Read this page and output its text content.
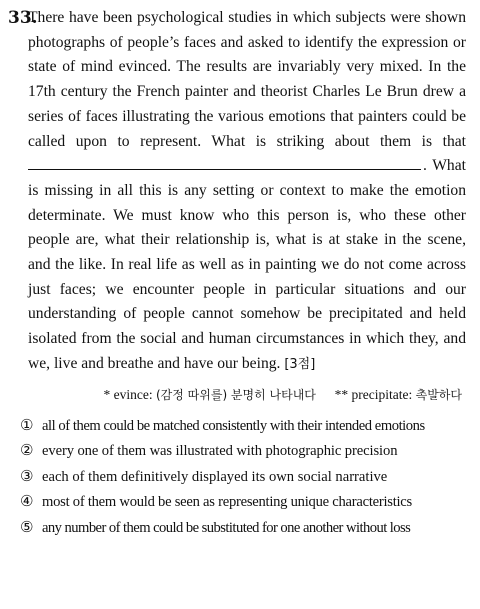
33.
There have been psychological studies in which subjects were shown photographs of people’s faces and asked to identify the expression or state of mind evinced. The results are invariably very mixed. In the 17th century the French painter and theorist Charles Le Brun drew a series of faces illustrating the various emotions that painters could be called upon to represent. What is striking about them is that . What is missing in all this is any setting or context to make the emotion determinate. We must know who this person is, who these other people are, what their relationship is, what is at stake in the scene, and the like. In real life as well as in painting we do not come across just faces; we encounter people in particular situations and our understanding of people cannot somehow be precipitated and held isolated from the social and human circumstances in which they, and we, live and breathe and have our being. [3점]
* evince: (감정 따위를) 분명히 나타내다 ** precipitate: 촉발하다
① all of them could be matched consistently with their intended emotions
② every one of them was illustrated with photographic precision
③ each of them definitively displayed its own social narrative
④ most of them would be seen as representing unique characteristics
⑤ any number of them could be substituted for one another without loss
